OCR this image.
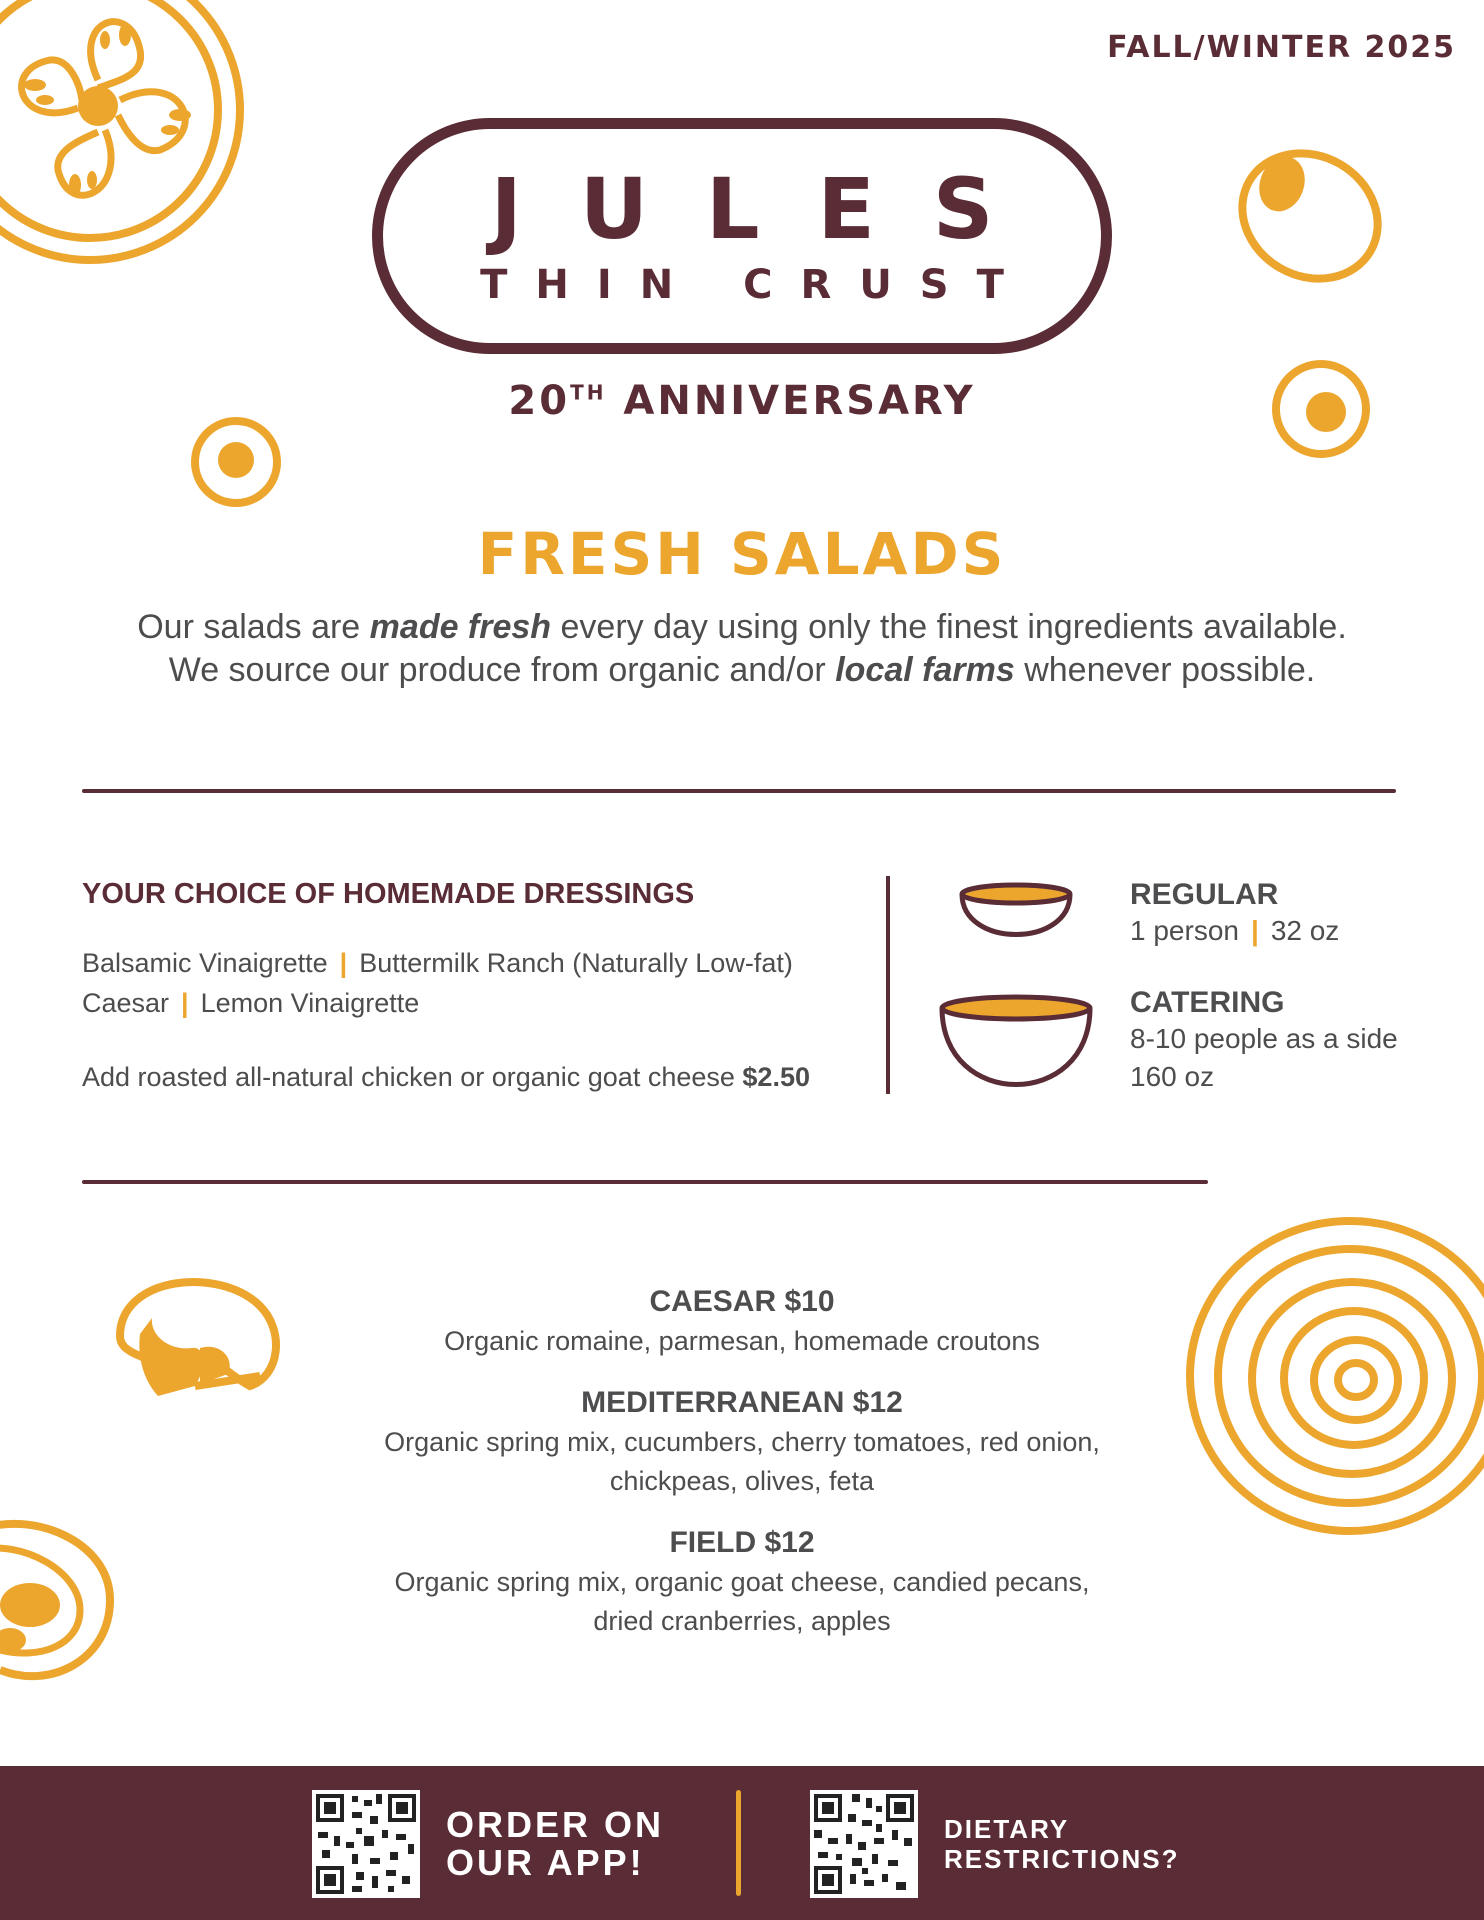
FALL/WINTER 2025
JULES
THIN CRUST
20TH ANNIVERSARY
FRESH SALADS
Our salads are made fresh every day using only the finest ingredients available.
We source our produce from organic and/or local farms whenever possible.
YOUR CHOICE OF HOMEMADE DRESSINGS
Balsamic Vinaigrette | Buttermilk Ranch (Naturally Low-fat)
Caesar | Lemon Vinaigrette
Add roasted all-natural chicken or organic goat cheese $2.50
REGULAR
1 person | 32 oz
CATERING
8-10 people as a side
160 oz
CAESAR $10
Organic romaine, parmesan, homemade croutons
MEDITERRANEAN $12
Organic spring mix, cucumbers, cherry tomatoes, red onion,
chickpeas, olives, feta
FIELD $12
Organic spring mix, organic goat cheese, candied pecans,
dried cranberries, apples
ORDER ON
OUR APP!
DIETARY
RESTRICTIONS?
